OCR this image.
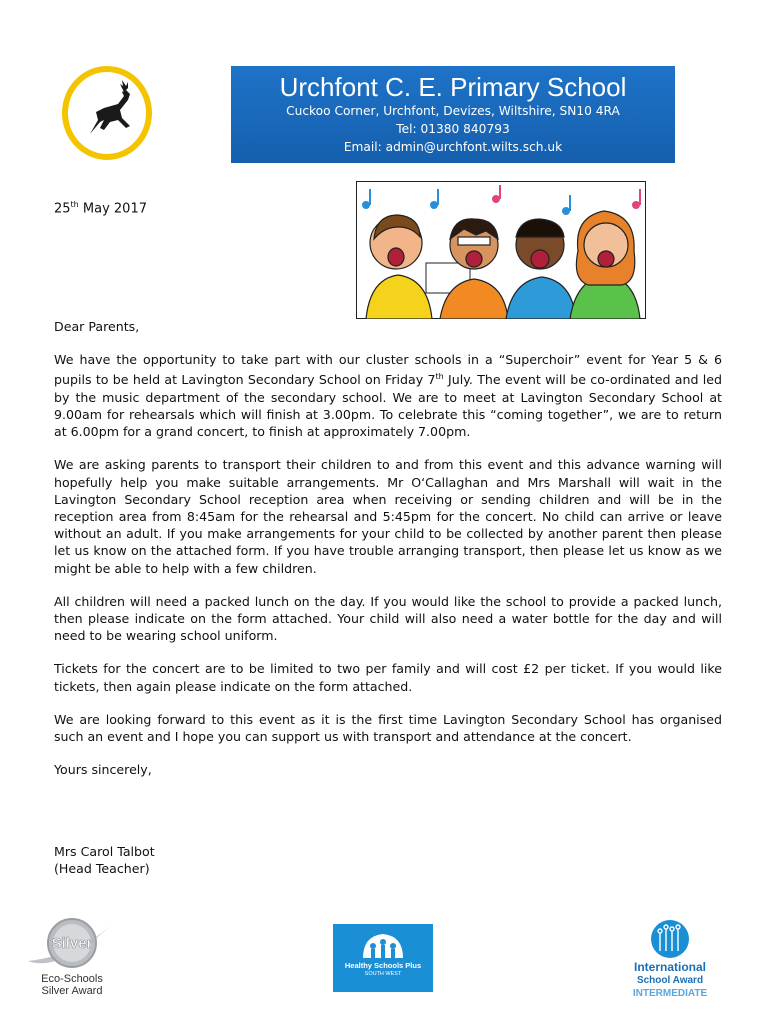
Urchfont C. E. Primary School
Cuckoo Corner, Urchfont, Devizes, Wiltshire, SN10 4RA
Tel: 01380 840793
Email: admin@urchfont.wilts.sch.uk
25th May 2017

Dear Parents,

We have the opportunity to take part with our cluster schools in a “Superchoir” event for Year 5 & 6 pupils to be held at Lavington Secondary School on Friday 7th July. The event will be co-ordinated and led by the music department of the secondary school. We are to meet at Lavington Secondary School at 9.00am for rehearsals which will finish at 3.00pm. To celebrate this “coming together”, we are to return at 6.00pm for a grand concert, to finish at approximately 7.00pm.

We are asking parents to transport their children to and from this event and this advance warning will hopefully help you make suitable arrangements. Mr O‘Callaghan and Mrs Marshall will wait in the Lavington Secondary School reception area when receiving or sending children and will be in the reception area from 8:45am for the rehearsal and 5:45pm for the concert. No child can arrive or leave without an adult. If you make arrangements for your child to be collected by another parent then please let us know on the attached form. If you have trouble arranging transport, then please let us know as we might be able to help with a few children.

All children will need a packed lunch on the day. If you would like the school to provide a packed lunch, then please indicate on the form attached. Your child will also need a water bottle for the day and will need to be wearing school uniform.

Tickets for the concert are to be limited to two per family and will cost £2 per ticket. If you would like tickets, then again please indicate on the form attached.

We are looking forward to this event as it is the first time Lavington Secondary School has organised such an event and I hope you can support us with transport and attendance at the concert.

Yours sincerely,

Mrs Carol Talbot
(Head Teacher)
Silver
Eco-Schools
Silver Award
Healthy Schools Plus
SOUTH WEST	International
School Award
INTERMEDIATE
